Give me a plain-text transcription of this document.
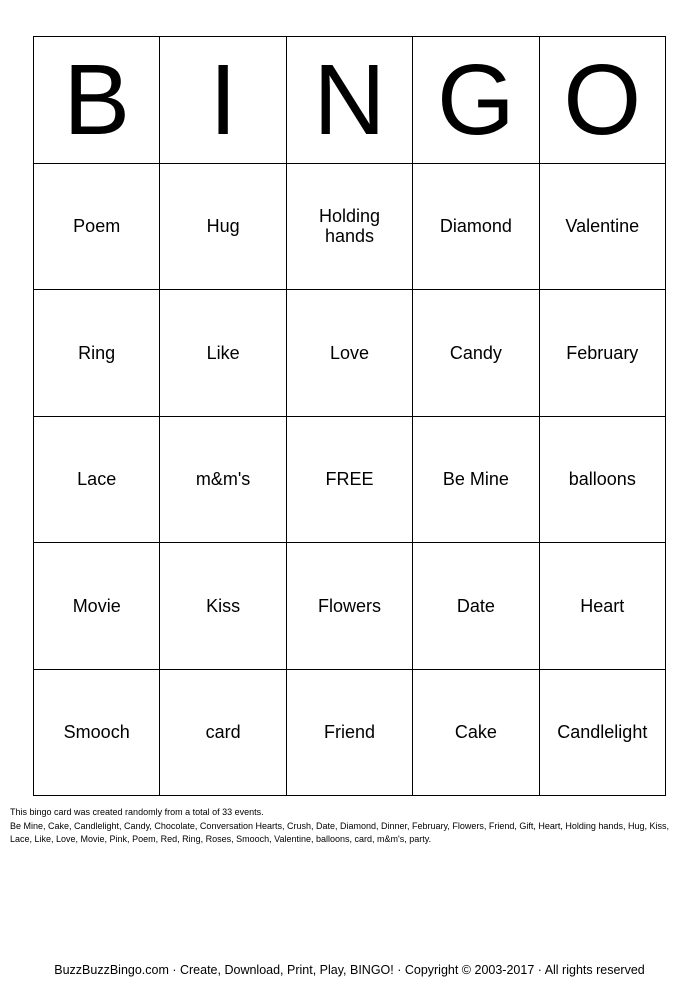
B I N G O
Poem	Hug	Holding hands	Diamond	Valentine
Ring	Like	Love	Candy	February
Lace	m&m's	FREE	Be Mine	balloons
Movie	Kiss	Flowers	Date	Heart
Smooch	card	Friend	Cake	Candlelight

This bingo card was created randomly from a total of 33 events.

Be Mine, Cake, Candlelight, Candy, Chocolate, Conversation Hearts, Crush, Date, Diamond, Dinner, February, Flowers, Friend, Gift, Heart, Holding hands, Hug, Kiss, Lace, Like, Love, Movie, Pink, Poem, Red, Ring, Roses, Smooch, Valentine, balloons, card, m&m's, party.

BuzzBuzzBingo.com · Create, Download, Print, Play, BINGO! · Copyright © 2003-2017 · All rights reserved
